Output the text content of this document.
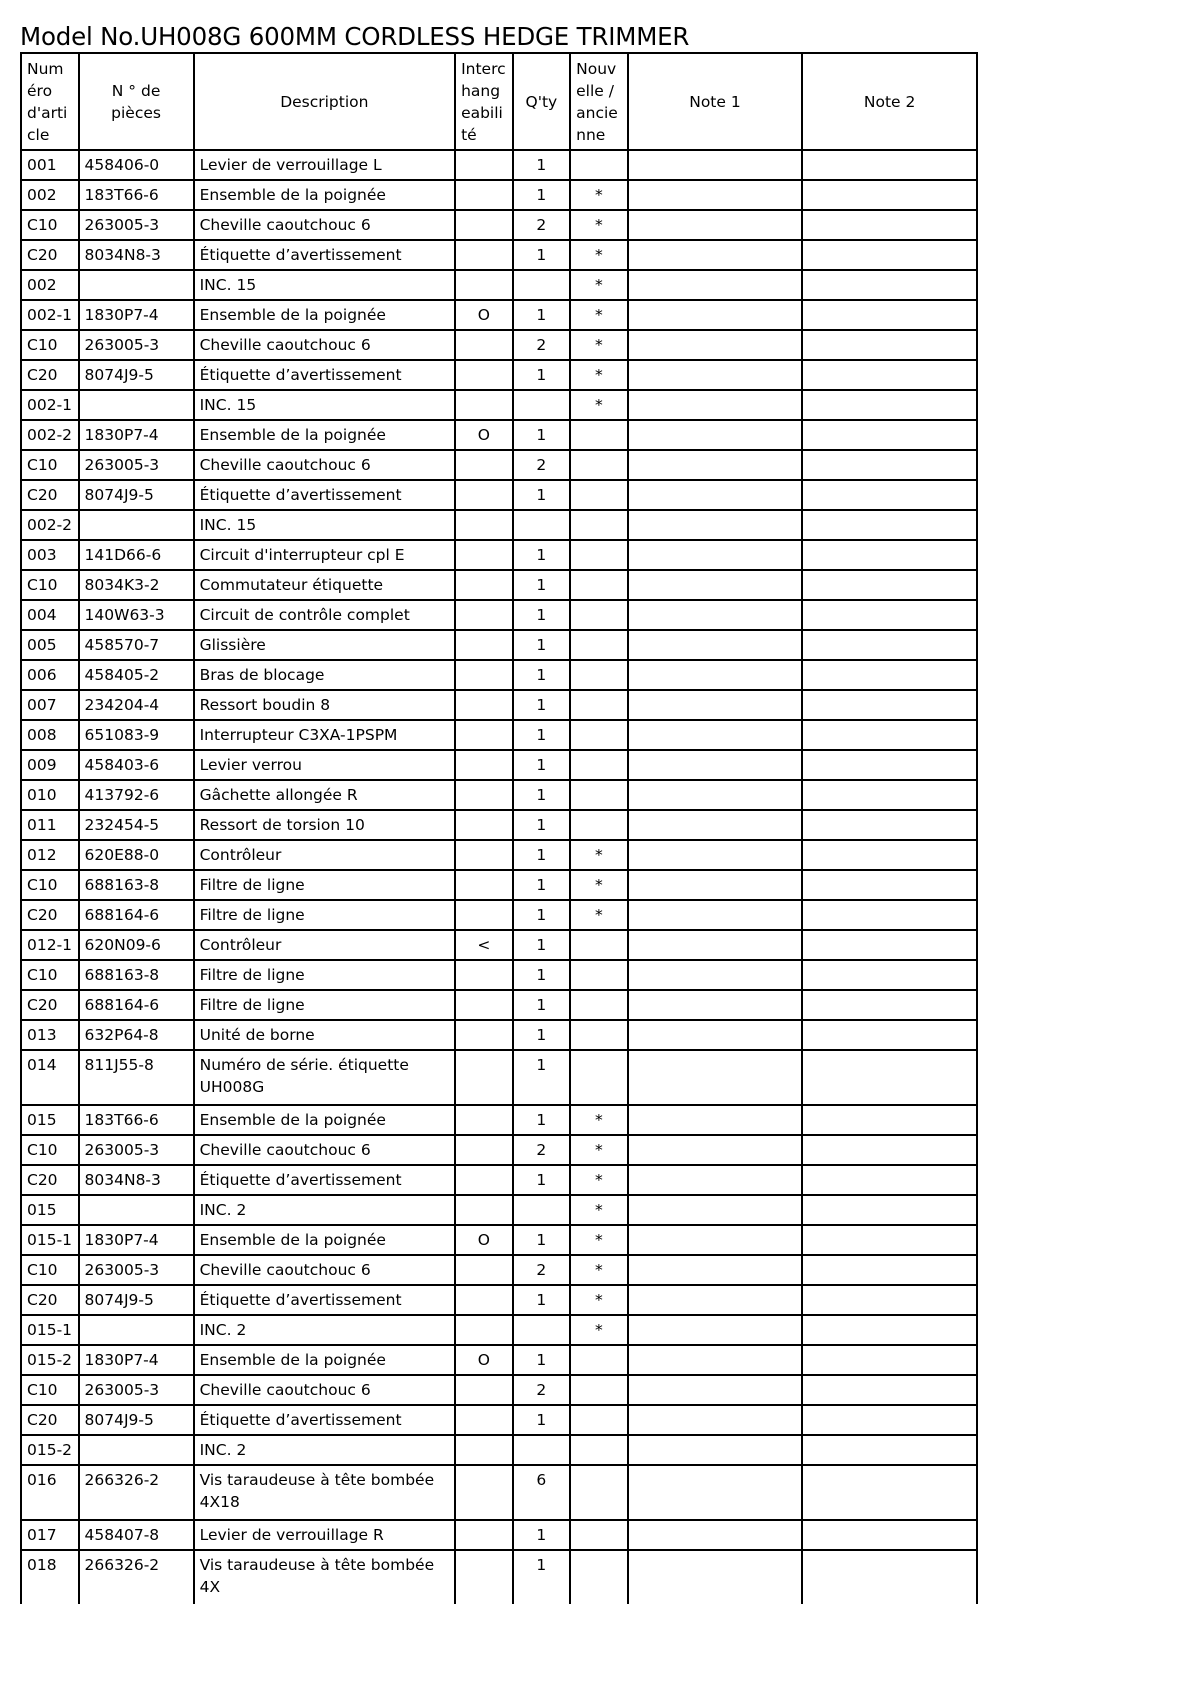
Model No.UH008G 600MM CORDLESS HEDGE TRIMMER
Numéro d'article	N ° de pièces	Description	Interchangeabilité	Q'ty	Nouvelle / ancienne	Note 1	Note 2
001	458406-0	Levier de verrouillage L		1			
002	183T66-6	Ensemble de la poignée		1	*		
C10	263005-3	Cheville caoutchouc 6		2	*		
C20	8034N8-3	Étiquette d’avertissement		1	*		
002		INC. 15			*		
002-1	1830P7-4	Ensemble de la poignée	O	1	*		
C10	263005-3	Cheville caoutchouc 6		2	*		
C20	8074J9-5	Étiquette d’avertissement		1	*		
002-1		INC. 15			*		
002-2	1830P7-4	Ensemble de la poignée	O	1			
C10	263005-3	Cheville caoutchouc 6		2			
C20	8074J9-5	Étiquette d’avertissement		1			
002-2		INC. 15					
003	141D66-6	Circuit d'interrupteur cpl E		1			
C10	8034K3-2	Commutateur étiquette		1			
004	140W63-3	Circuit de contrôle complet		1			
005	458570-7	Glissière		1			
006	458405-2	Bras de blocage		1			
007	234204-4	Ressort boudin 8		1			
008	651083-9	Interrupteur C3XA-1PSPM		1			
009	458403-6	Levier verrou		1			
010	413792-6	Gâchette allongée R		1			
011	232454-5	Ressort de torsion 10		1			
012	620E88-0	Contrôleur		1	*		
C10	688163-8	Filtre de ligne		1	*		
C20	688164-6	Filtre de ligne		1	*		
012-1	620N09-6	Contrôleur	<	1			
C10	688163-8	Filtre de ligne		1			
C20	688164-6	Filtre de ligne		1			
013	632P64-8	Unité de borne		1			
014	811J55-8	Numéro de série. étiquette UH008G		1			
015	183T66-6	Ensemble de la poignée		1	*		
C10	263005-3	Cheville caoutchouc 6		2	*		
C20	8034N8-3	Étiquette d’avertissement		1	*		
015		INC. 2			*		
015-1	1830P7-4	Ensemble de la poignée	O	1	*		
C10	263005-3	Cheville caoutchouc 6		2	*		
C20	8074J9-5	Étiquette d’avertissement		1	*		
015-1		INC. 2			*		
015-2	1830P7-4	Ensemble de la poignée	O	1			
C10	263005-3	Cheville caoutchouc 6		2			
C20	8074J9-5	Étiquette d’avertissement		1			
015-2		INC. 2					
016	266326-2	Vis taraudeuse à tête bombée 4X18		6			
017	458407-8	Levier de verrouillage R		1			
018	266326-2	Vis taraudeuse à tête bombée 4X		1			
